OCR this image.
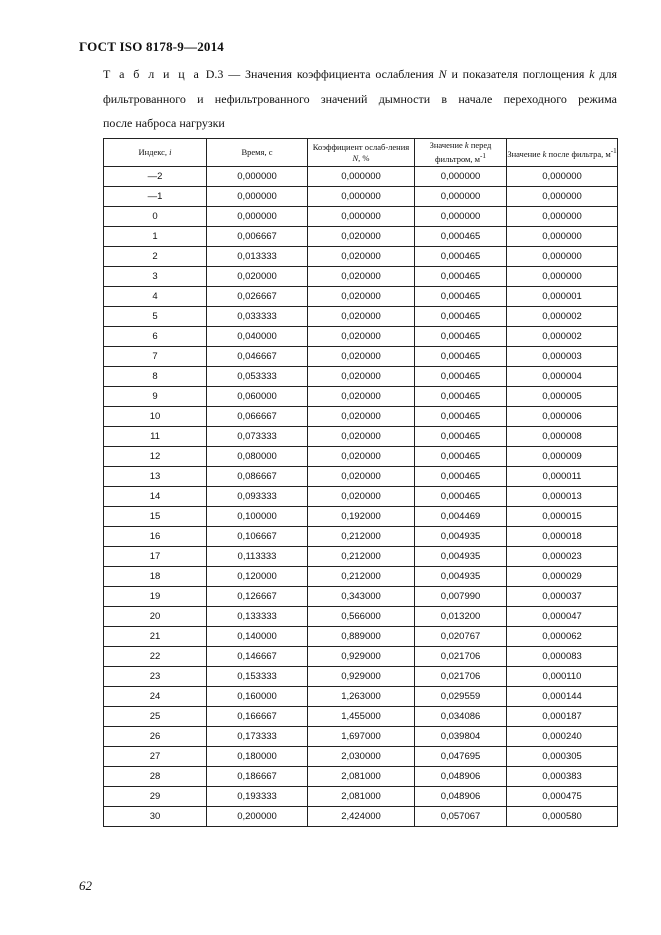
ГОСТ ISO 8178-9—2014

Т а б л и ц а D.3 — Значения коэффициента ослабления N и показателя поглощения k для

фильтрованного и нефильтрованного значений дымности в начале переходного режима

после наброса нагрузки

Индекс, i	Время, с	Коэффициент ослаб-ления N, %	Значение k перед фильтром, $м^{-1}$	Значение k после фильтра, $м^{-1}$
—2	0,000000	0,000000	0,000000	0,000000
—1	0,000000	0,000000	0,000000	0,000000
0	0,000000	0,000000	0,000000	0,000000
1	0,006667	0,020000	0,000465	0,000000
2	0,013333	0,020000	0,000465	0,000000
3	0,020000	0,020000	0,000465	0,000000
4	0,026667	0,020000	0,000465	0,000001
5	0,033333	0,020000	0,000465	0,000002
6	0,040000	0,020000	0,000465	0,000002
7	0,046667	0,020000	0,000465	0,000003
8	0,053333	0,020000	0,000465	0,000004
9	0,060000	0,020000	0,000465	0,000005
10	0,066667	0,020000	0,000465	0,000006
11	0,073333	0,020000	0,000465	0,000008
12	0,080000	0,020000	0,000465	0,000009
13	0,086667	0,020000	0,000465	0,000011
14	0,093333	0,020000	0,000465	0,000013
15	0,100000	0,192000	0,004469	0,000015
16	0,106667	0,212000	0,004935	0,000018
17	0,113333	0,212000	0,004935	0,000023
18	0,120000	0,212000	0,004935	0,000029
19	0,126667	0,343000	0,007990	0,000037
20	0,133333	0,566000	0,013200	0,000047
21	0,140000	0,889000	0,020767	0,000062
22	0,146667	0,929000	0,021706	0,000083
23	0,153333	0,929000	0,021706	0,000110
24	0,160000	1,263000	0,029559	0,000144
25	0,166667	1,455000	0,034086	0,000187
26	0,173333	1,697000	0,039804	0,000240
27	0,180000	2,030000	0,047695	0,000305
28	0,186667	2,081000	0,048906	0,000383
29	0,193333	2,081000	0,048906	0,000475
30	0,200000	2,424000	0,057067	0,000580
62
